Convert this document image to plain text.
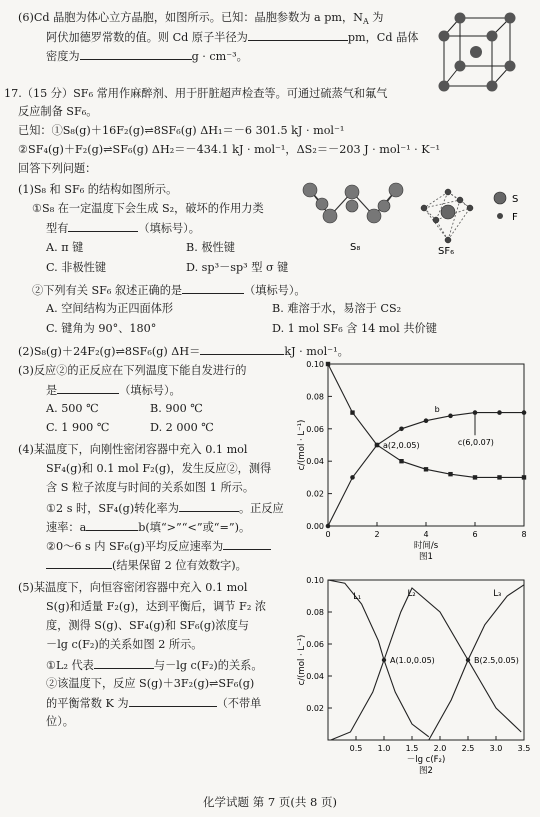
(6)Cd 晶胞为体心立方晶胞，如图所示。已知：晶胞参数为 a pm，$N_A$ 为
阿伏加德罗常数的值。则 Cd 原子半径为	pm，Cd 晶体
密度为	g · cm⁻³。
17.（15 分）SF₆ 常用作麻醉剂、用于肝脏超声检查等。可通过硫蒸气和氟气
反应制备 SF₆。
已知：①S₈(g)＋16F₂(g)⇌8SF₆(g) ΔH₁＝－6 301.5 kJ · mol⁻¹
②SF₄(g)＋F₂(g)⇌SF₆(g) ΔH₂＝－434.1 kJ · mol⁻¹，ΔS₂＝－203 J · mol⁻¹ · K⁻¹
回答下列问题：
(1)S₈ 和 SF₆ 的结构如图所示。
①S₈ 在一定温度下会生成 S₂，破坏的作用力类
型有	（填标号）。
A. π 键	B. 极性键
C. 非极性键	D. sp³－sp³ 型 σ 键
S₈	SF₆
S
F
②下列有关 SF₆ 叙述正确的是	（填标号）。
A. 空间结构为正四面体形	B. 难溶于水，易溶于 CS₂
C. 键角为 90°、180°	D. 1 mol SF₆ 含 14 mol 共价键
(2)S₈(g)＋24F₂(g)⇌8SF₆(g) ΔH＝	kJ · mol⁻¹。
(3)反应②的正反应在下列温度下能自发进行的
是	（填标号）。
A. 500 ℃	B. 900 ℃
C. 1 900 ℃	D. 2 000 ℃
(4)某温度下，向刚性密闭容器中充入 0.1 mol
SF₄(g)和 0.1 mol F₂(g)，发生反应②，测得
含 S 粒子浓度与时间的关系如图 1 所示。
①2 s 时，SF₄(g)转化率为	。正反应
速率：a	b(填“>”“<”或“=”)。
②0～6 s 内 SF₆(g)平均反应速率为
(结果保留 2 位有效数字)。
(5)某温度下，向恒容密闭容器中充入 0.1 mol
S(g)和适量 F₂(g)，达到平衡后，调节 F₂ 浓
度，测得 S(g)、SF₄(g)和 SF₆(g)浓度与
－lg c(F₂)的关系如图 2 所示。
①L₂ 代表	与－lg c(F₂)的关系。
②该温度下，反应 S(g)＋3F₂(g)⇌SF₆(g)
的平衡常数 K 为	（不带单
位）。
0.00
0.02
0.04
0.06
0.08
0.10
0	2	4	6	8
a(2,0.05)
b
c(6,0.07)
时间/s
图1
c/(mol · L⁻¹)
0.02
0.04
0.06
0.08
0.10
0.5 1.0 1.5 2.0 2.5 3.0 3.5
L₁	L₂	L₃
A(1.0,0.05)	B(2.5,0.05)
－lg c(F₂)
图2
c/(mol · L⁻¹)
化学试题 第 7 页(共 8 页)
